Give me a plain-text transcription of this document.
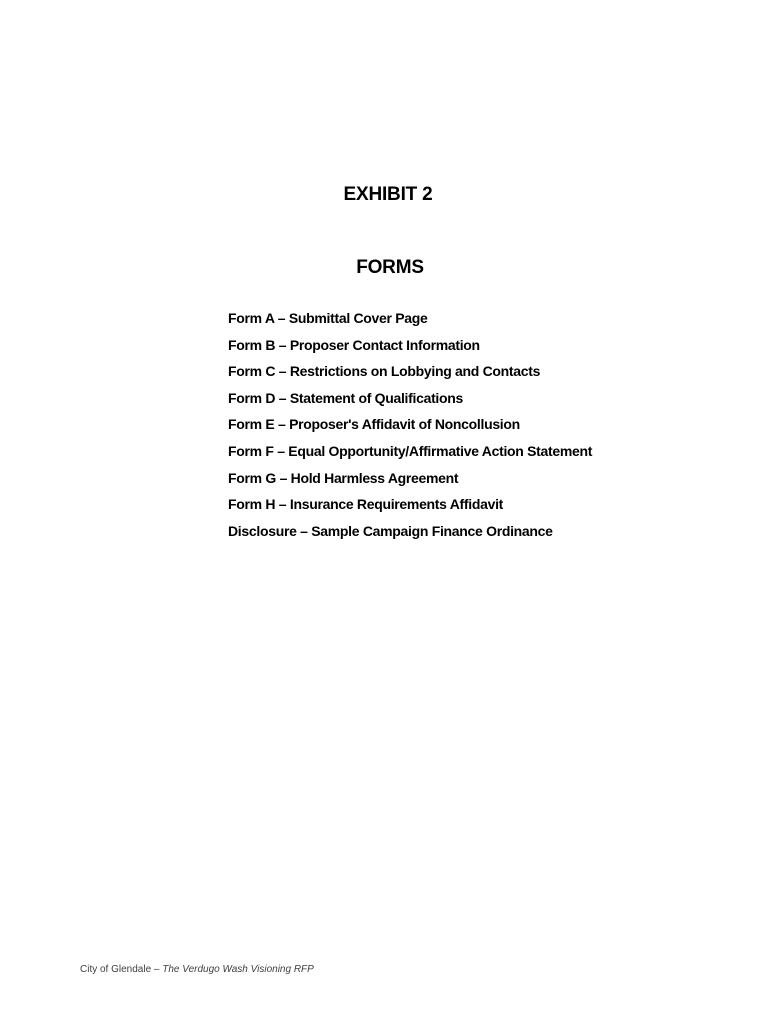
EXHIBIT 2
FORMS
Form A – Submittal Cover Page
Form B – Proposer Contact Information
Form C – Restrictions on Lobbying and Contacts
Form D – Statement of Qualifications
Form E – Proposer's Affidavit of Noncollusion
Form F – Equal Opportunity/Affirmative Action Statement
Form G – Hold Harmless Agreement
Form H – Insurance Requirements Affidavit
Disclosure – Sample Campaign Finance Ordinance
City of Glendale – The Verdugo Wash Visioning RFP
